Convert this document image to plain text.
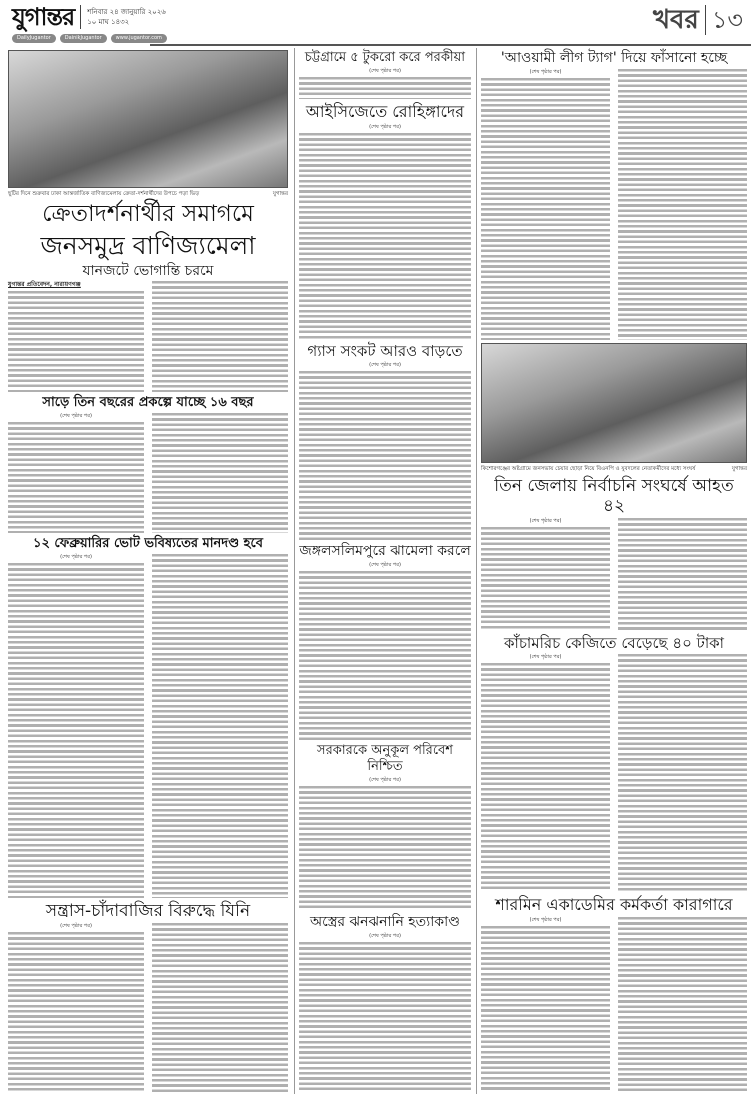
যুগান্তর শনিবার ২৪ জানুয়ারি ২০২৬
১০ মাঘ ১৪৩২
DailyJugantor	DainikJugantor	www.jugantor.com
খবর ১৩
ছুটির দিনে শুক্রবার ঢাকা আন্তর্জাতিক বাণিজ্যমেলায় ক্রেতা-দর্শনার্থীদের উপচে পড়া ভিড়	যুগান্তর
ক্রেতাদর্শনার্থীর সমাগমে
জনসমুদ্র বাণিজ্যমেলা
যানজটে ভোগান্তি চরমে
যুগান্তর প্রতিবেদন, নারায়ণগঞ্জ
সাড়ে তিন বছরের প্রকল্পে যাচ্ছে ১৬ বছর
(শেষ পৃষ্ঠার পর)
১২ ফেব্রুয়ারির ভোট ভবিষ্যতের মানদণ্ড হবে
(শেষ পৃষ্ঠার পর)
সন্ত্রাস-চাঁদাবাজির বিরুদ্ধে যিনি
(শেষ পৃষ্ঠার পর)
চট্টগ্রামে ৫ টুকরো করে পরকীয়া
(শেষ পৃষ্ঠার পর)
আইসিজেতে রোহিঙ্গাদের
(শেষ পৃষ্ঠার পর)
গ্যাস সংকট আরও বাড়তে
(শেষ পৃষ্ঠার পর)
জঙ্গলসলিমপুরে ঝামেলা করলে
(শেষ পৃষ্ঠার পর)
সরকারকে অনুকূল পরিবেশ নিশ্চিত
(শেষ পৃষ্ঠার পর)
অস্ত্রের ঝনঝনানি হত্যাকাণ্ড
(শেষ পৃষ্ঠার পর)
'আওয়ামী লীগ ট্যাগ' দিয়ে ফাঁসানো হচ্ছে
(শেষ পৃষ্ঠার পর)
কিশোরগঞ্জের অষ্টগ্রামে জনসভায় চেয়ার ছোড়া নিয়ে বিএনপি ও যুবদলের নেতাকর্মীদের মধ্যে সংঘর্ষ	যুগান্তর
তিন জেলায় নির্বাচনি সংঘর্ষে আহত ৪২
(শেষ পৃষ্ঠার পর)
কাঁচামরিচ কেজিতে বেড়েছে ৪০ টাকা
(শেষ পৃষ্ঠার পর)
শারমিন একাডেমির কর্মকর্তা কারাগারে
(শেষ পৃষ্ঠার পর)
